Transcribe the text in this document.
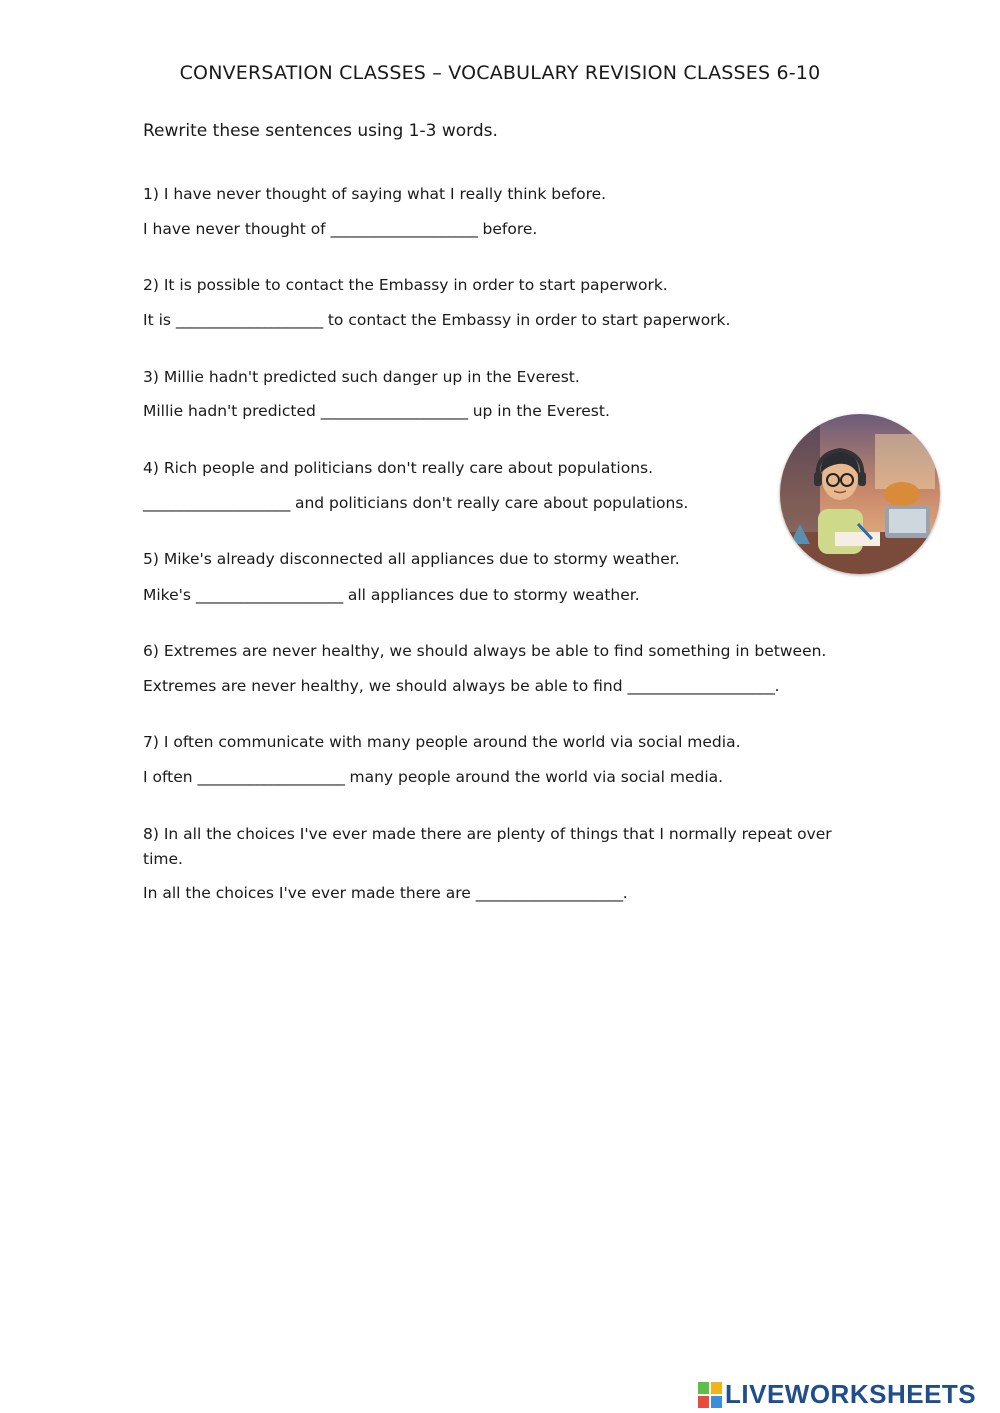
CONVERSATION CLASSES – VOCABULARY REVISION CLASSES 6-10
Rewrite these sentences using 1-3 words.
1) I have never thought of saying what I really think before.
I have never thought of ____________________ before.
2) It is possible to contact the Embassy in order to start paperwork.
It is ____________________ to contact the Embassy in order to start paperwork.
3) Millie hadn't predicted such danger up in the Everest.
Millie hadn't predicted ____________________ up in the Everest.
4) Rich people and politicians don't really care about populations.
____________________ and politicians don't really care about populations.
5) Mike's already disconnected all appliances due to stormy weather.
Mike's ____________________ all appliances due to stormy weather.
6) Extremes are never healthy, we should always be able to find something in between.
Extremes are never healthy, we should always be able to find ____________________.
7) I often communicate with many people around the world via social media.
I often ____________________ many people around the world via social media.
8) In all the choices I've ever made there are plenty of things that I normally repeat over time.
In all the choices I've ever made there are ____________________.
LIVEWORKSHEETS
